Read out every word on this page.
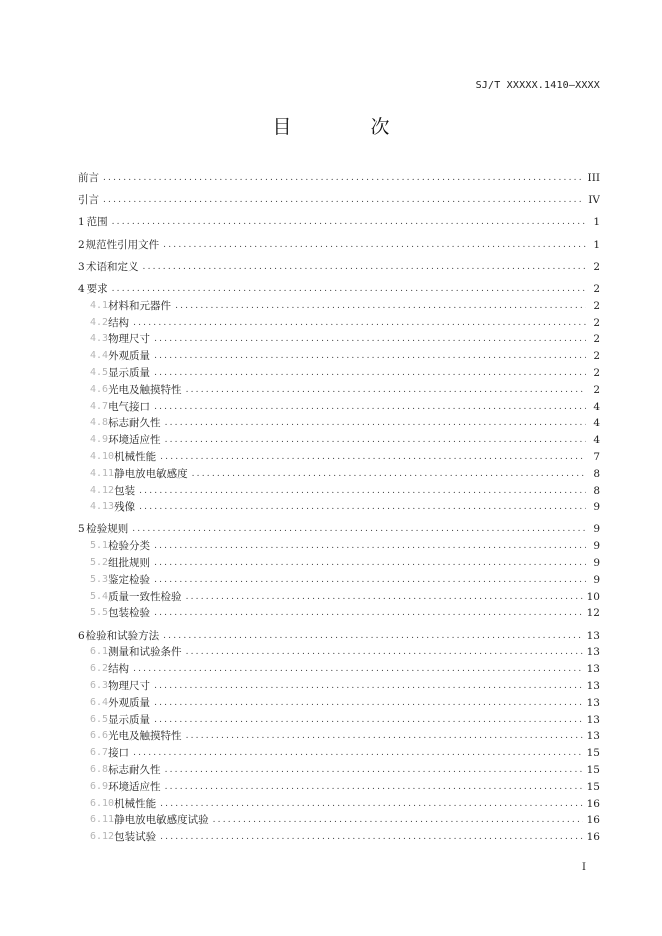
SJ/T XXXXX.1410—XXXX
目　次
前言 .....	III
引言 .....	IV
1 范围 .....	1
2 规范性引用文件 .....	1
3 术语和定义 .....	2
4 要求 .....	2
4.1 材料和元器件 .....	2
4.2 结构 .....	2
4.3 物理尺寸 .....	2
4.4 外观质量 .....	2
4.5 显示质量 .....	2
4.6 光电及触摸特性 .....	2
4.7 电气接口 .....	4
4.8 标志耐久性 .....	4
4.9 环境适应性 .....	4
4.10 机械性能 .....	7
4.11 静电放电敏感度 .....	8
4.12 包装 .....	8
4.13 残像 .....	9
5 检验规则 .....	9
5.1 检验分类 .....	9
5.2 组批规则 .....	9
5.3 鉴定检验 .....	9
5.4 质量一致性检验 .....	10
5.5 包装检验 .....	12
6 检验和试验方法 .....	13
6.1 测量和试验条件 .....	13
6.2 结构 .....	13
6.3 物理尺寸 .....	13
6.4 外观质量 .....	13
6.5 显示质量 .....	13
6.6 光电及触摸特性 .....	13
6.7 接口 .....	15
6.8 标志耐久性 .....	15
6.9 环境适应性 .....	15
6.10 机械性能 .....	16
6.11 静电放电敏感度试验 .....	16
6.12 包装试验 .....	16
I
